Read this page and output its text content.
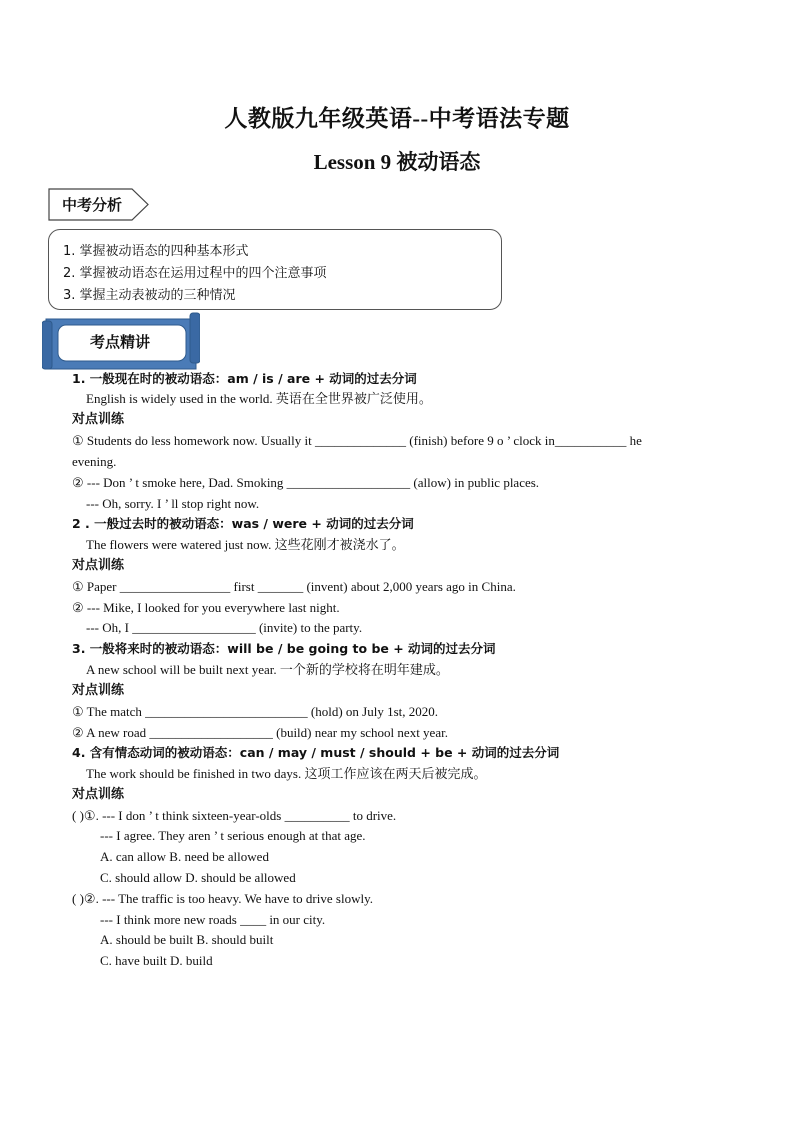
人教版九年级英语--中考语法专题
Lesson 9 被动语态
中考分析
1. 掌握被动语态的四种基本形式
2. 掌握被动语态在运用过程中的四个注意事项
3. 掌握主动表被动的三种情况
考点精讲
1. 一般现在时的被动语态：am / is / are + 动词的过去分词
English is widely used in the world. 英语在全世界被广泛使用。
对点训练
① Students do less homework now. Usually it ______________ (finish) before 9 o ’ clock in___________ he
evening.
② --- Don ’ t smoke here, Dad. Smoking ___________________ (allow) in public places.
--- Oh, sorry. I ’ ll stop right now.
2 . 一般过去时的被动语态：was / were + 动词的过去分词
The flowers were watered just now. 这些花刚才被浇水了。
对点训练
① Paper _________________ first _______ (invent) about 2,000 years ago in China.
② --- Mike, I looked for you everywhere last night.
--- Oh, I ___________________ (invite) to the party.
3. 一般将来时的被动语态：will be / be going to be + 动词的过去分词
A new school will be built next year. 一个新的学校将在明年建成。
对点训练
① The match _________________________ (hold) on July 1st, 2020.
② A new road ___________________ (build) near my school next year.
4. 含有情态动词的被动语态：can / may / must / should + be + 动词的过去分词
The work should be finished in two days. 这项工作应该在两天后被完成。
对点训练
( )①. --- I don ’ t think sixteen-year-olds __________ to drive.
--- I agree. They aren ’ t serious enough at that age.
A. can allow B. need be allowed
C. should allow D. should be allowed
( )②. --- The traffic is too heavy. We have to drive slowly.
--- I think more new roads ____ in our city.
A. should be built B. should built
C. have built D. build
